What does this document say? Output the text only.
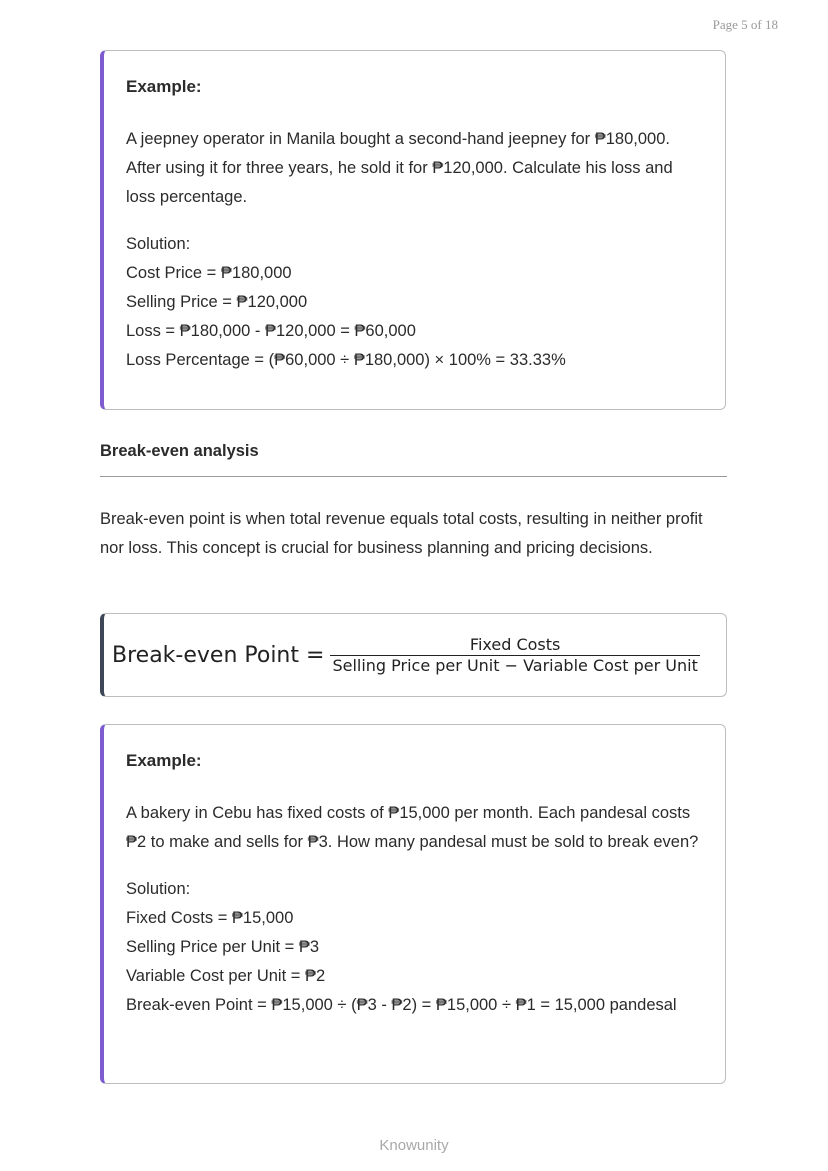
Page 5 of 18
Example:
A jeepney operator in Manila bought a second-hand jeepney for ₱180,000. After using it for three years, he sold it for ₱120,000. Calculate his loss and loss percentage.
Solution:
Cost Price = ₱180,000
Selling Price = ₱120,000
Loss = ₱180,000 - ₱120,000 = ₱60,000
Loss Percentage = (₱60,000 ÷ ₱180,000) × 100% = 33.33%
Break-even analysis
Break-even point is when total revenue equals total costs, resulting in neither profit nor loss. This concept is crucial for business planning and pricing decisions.
Break-even Point = $\frac{\text{Fixed Costs}}{\text{Selling Price per Unit − Variable Cost per Unit}}$
Example:
A bakery in Cebu has fixed costs of ₱15,000 per month. Each pandesal costs ₱2 to make and sells for ₱3. How many pandesal must be sold to break even?
Solution:
Fixed Costs = ₱15,000
Selling Price per Unit = ₱3
Variable Cost per Unit = ₱2
Break-even Point = ₱15,000 ÷ (₱3 - ₱2) = ₱15,000 ÷ ₱1 = 15,000 pandesal
Knowunity
